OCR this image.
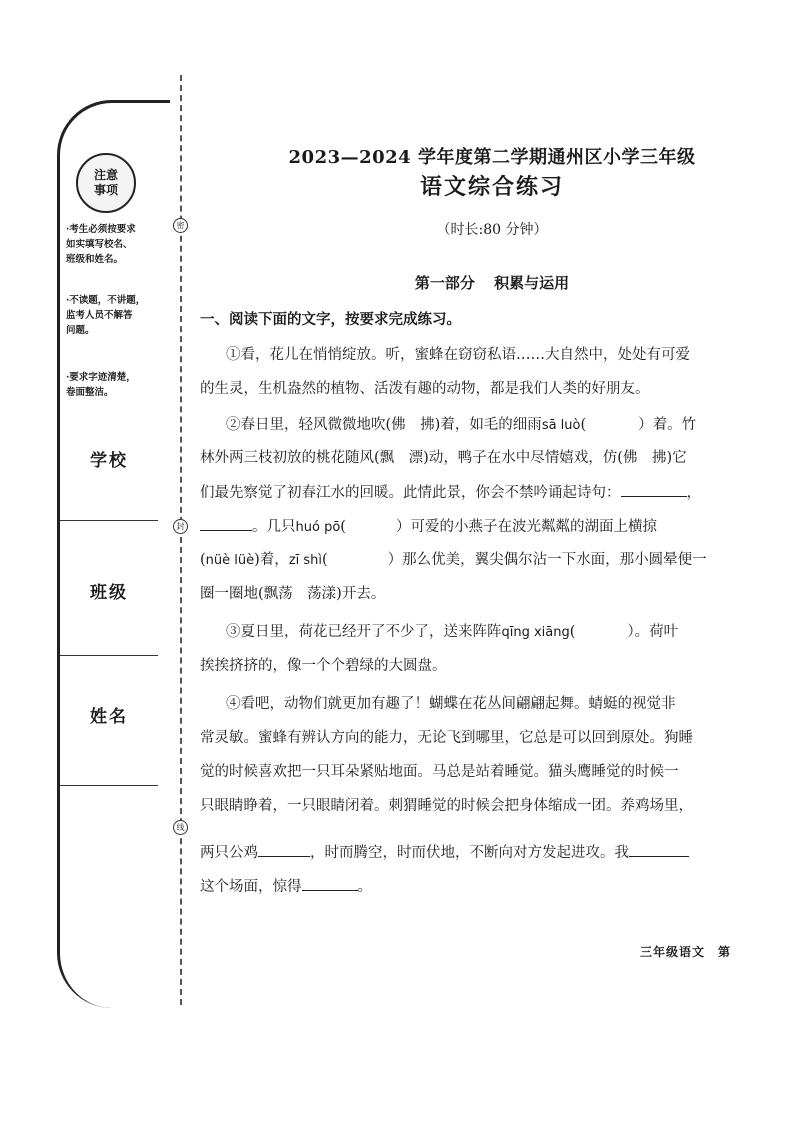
注意
事项
·考生必须按要求
如实填写校名、
班级和姓名。
·不读题，不讲题，
监考人员不解答
问题。
·要求字迹清楚，
卷面整洁。
学校
班级
姓名
密
封
线
2023—2024 学年度第二学期通州区小学三年级
语文综合练习
（时长:80 分钟）
第一部分 积累与运用
一、阅读下面的文字，按要求完成练习。
①看，花儿在悄悄绽放。听，蜜蜂在窃窃私语……大自然中，处处有可爱
的生灵，生机盎然的植物、活泼有趣的动物，都是我们人类的好朋友。
②春日里，轻风微微地吹(佛　拂)着，如毛的细雨sā luò(	）着。竹
林外两三枝初放的桃花随风(飘　漂)动，鸭子在水中尽情嬉戏，仿(佛　拂)它
们最先察觉了初春江水的回暖。此情此景，你会不禁吟诵起诗句：	，
。几只huó pō(	）可爱的小燕子在波光粼粼的湖面上横掠
(nüè lüè)着，zī shì(	）那么优美，翼尖偶尔沾一下水面，那小圆晕便一
圈一圈地(飘荡　荡漾)开去。
③夏日里，荷花已经开了不少了，送来阵阵qīng xiāng(	）。荷叶
挨挨挤挤的，像一个个碧绿的大圆盘。
④看吧，动物们就更加有趣了！蝴蝶在花丛间翩翩起舞。蜻蜓的视觉非
常灵敏。蜜蜂有辨认方向的能力，无论飞到哪里，它总是可以回到原处。狗睡
觉的时候喜欢把一只耳朵紧贴地面。马总是站着睡觉。猫头鹰睡觉的时候一
只眼睛睁着，一只眼睛闭着。刺猬睡觉的时候会把身体缩成一团。养鸡场里，
两只公鸡	，时而腾空，时而伏地，不断向对方发起进攻。我
这个场面，惊得	。
三年级语文　第
